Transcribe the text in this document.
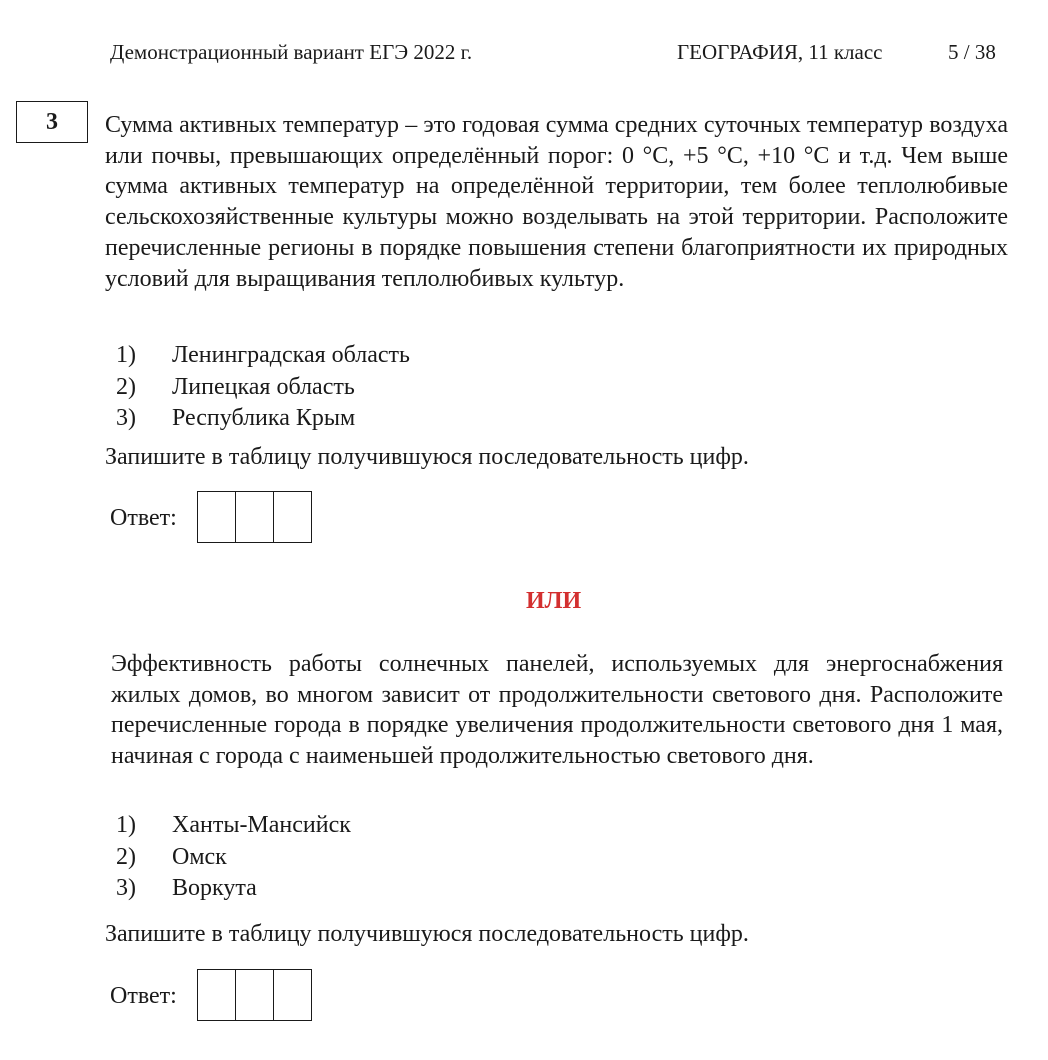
Демонстрационный вариант ЕГЭ 2022 г.	ГЕОГРАФИЯ, 11 класс	5 / 38
3 Сумма активных температур – это годовая сумма средних суточных температур воздуха или почвы, превышающих определённый порог: 0 °C, +5 °C, +10 °C и т.д. Чем выше сумма активных температур на определённой территории, тем более теплолюбивые сельскохозяйственные культуры можно возделывать на этой территории. Расположите перечисленные регионы в порядке повышения степени благоприятности их природных условий для выращивания теплолюбивых культур.

1) Ленинградская область
2) Липецкая область
3) Республика Крым

Запишите в таблицу получившуюся последовательность цифр.

Ответ:

ИЛИ

Эффективность работы солнечных панелей, используемых для энергоснабжения жилых домов, во многом зависит от продолжительности светового дня. Расположите перечисленные города в порядке увеличения продолжительности светового дня 1 мая, начиная с города с наименьшей продолжительностью светового дня.

1) Ханты-Мансийск
2) Омск
3) Воркута

Запишите в таблицу получившуюся последовательность цифр.

Ответ:
